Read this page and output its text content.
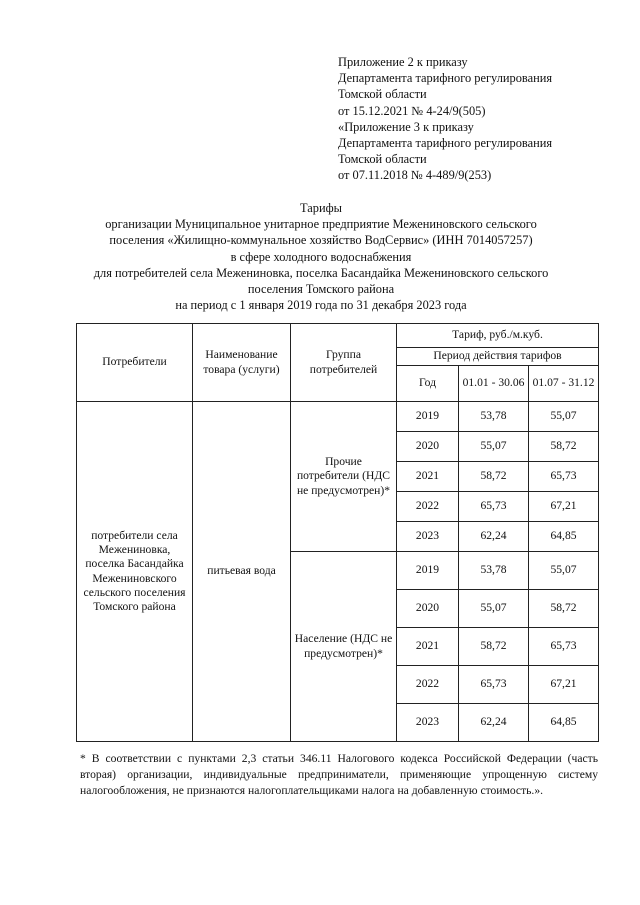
Приложение 2 к приказу
Департамента тарифного регулирования
Томской области
от 15.12.2021 № 4-24/9(505)
«Приложение 3 к приказу
Департамента тарифного регулирования
Томской области
от 07.11.2018 № 4-489/9(253)
Тарифы
организации Муниципальное унитарное предприятие Межениновского сельского
поселения «Жилищно-коммунальное хозяйство ВодСервис» (ИНН 7014057257)
в сфере холодного водоснабжения
для потребителей села Межениновка, поселка Басандайка Межениновского сельского
поселения Томского района
на период с 1 января 2019 года по 31 декабря 2023 года
Потребители	Наименование товара (услуги)	Группа потребителей	Тариф, руб./м.куб.		
			Период действия тарифов		
			Год	01.01 - 30.06	01.07 - 31.12
потребители села Межениновка, поселка Басандайка Межениновского сельского поселения Томского района	питьевая вода	Прочие потребители (НДС не предусмотрен)*	2019	53,78	55,07
			2020	55,07	58,72
			2021	58,72	65,73
			2022	65,73	67,21
			2023	62,24	64,85
		Население (НДС не предусмотрен)*	2019	53,78	55,07
			2020	55,07	58,72
			2021	58,72	65,73
			2022	65,73	67,21
			2023	62,24	64,85
* В соответствии с пунктами 2,3 статьи 346.11 Налогового кодекса Российской Федерации (часть вторая) организации, индивидуальные предприниматели, применяющие упрощенную систему налогообложения, не признаются налогоплательщиками налога на добавленную стоимость.».
